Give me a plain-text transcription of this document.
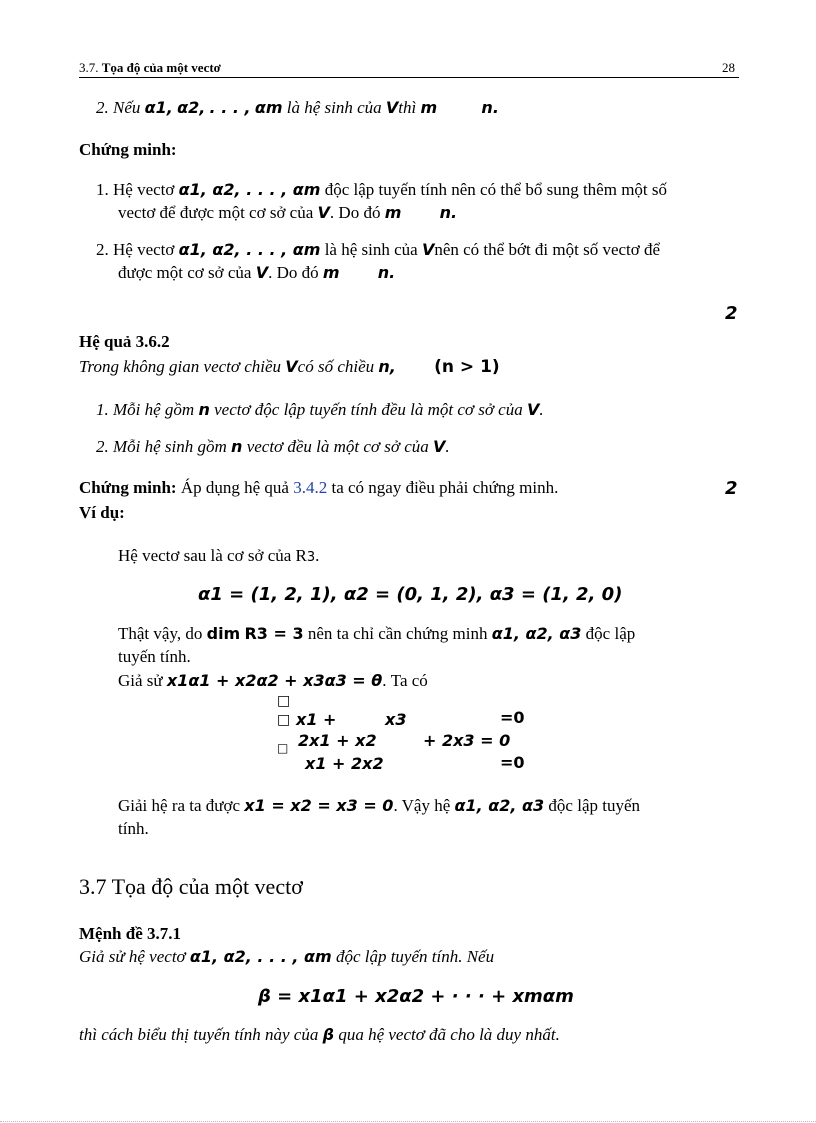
3.7. Tọa độ của một vectơ	28
2. Nếu α1, α2, . . . , αm là hệ sinh của Vthì m	n.
Chứng minh:
1. Hệ vectơ α1, α2, . . . , αm độc lập tuyến tính nên có thể bổ sung thêm một số
vectơ để được một cơ sở của V. Do đó m n.
2. Hệ vectơ α1, α2, . . . , αm là hệ sinh của Vnên có thể bớt đi một số vectơ để
được một cơ sở của V. Do đó m n.
2
Hệ quả 3.6.2
Trong không gian vectơ chiều Vcó số chiều n, (n > 1)
1. Mỗi hệ gồm n vectơ độc lập tuyến tính đều là một cơ sở của V.
2. Mỗi hệ sinh gồm n vectơ đều là một cơ sở của V.
Chứng minh: Áp dụng hệ quả 3.4.2 ta có ngay điều phải chứng minh.	2
Ví dụ:
Hệ vectơ sau là cơ sở của R3.
α1 = (1, 2, 1), α2 = (0, 1, 2), α3 = (1, 2, 0)
Thật vậy, do dim R3 = 3 nên ta chỉ cần chứng minh α1, α2, α3 độc lập
tuyến tính.
Giả sử x1α1 + x2α2 + x3α3 = θ. Ta có
□
□
□
x1 +	x3	=0
2x1 + x2	+ 2x3 = 0
x1 + 2x2	=0
Giải hệ ra ta được x1 = x2 = x3 = 0. Vậy hệ α1, α2, α3 độc lập tuyến
tính.
3.7 Tọa độ của một vectơ
Mệnh đề 3.7.1
Giả sử hệ vectơ α1, α2, . . . , αm độc lập tuyến tính. Nếu
β = x1α1 + x2α2 + · · · + xmαm
thì cách biểu thị tuyến tính này của β qua hệ vectơ đã cho là duy nhất.
